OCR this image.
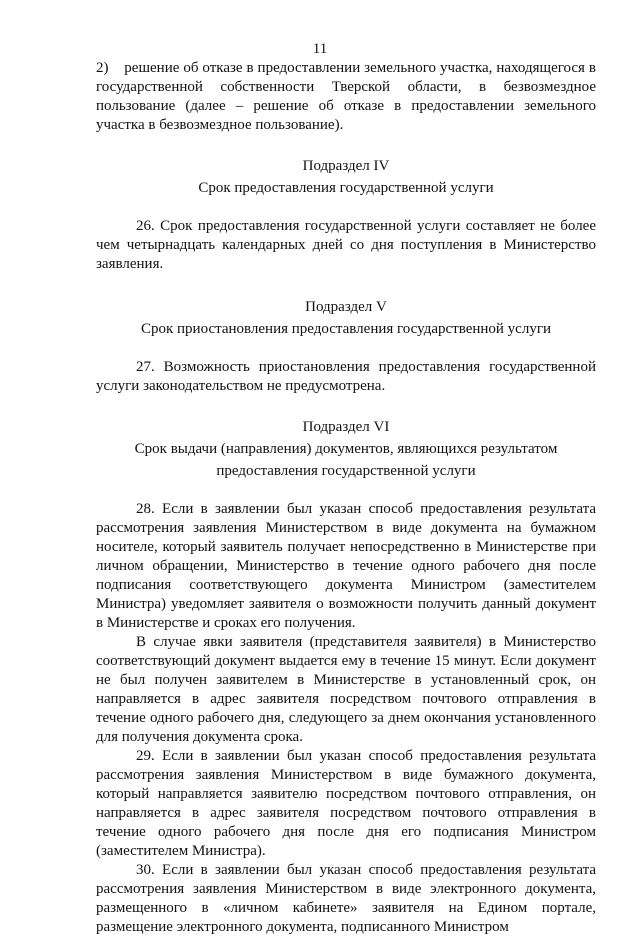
11

2)    решение об отказе в предоставлении земельного участка, находящегося в государственной собственности Тверской области, в безвозмездное пользование (далее – решение об отказе в предоставлении земельного участка в безвозмездное пользование).

Подраздел IV

Срок предоставления государственной услуги

26. Срок предоставления государственной услуги составляет не более чем четырнадцать календарных дней со дня поступления в Министерство заявления.

Подраздел V

Срок приостановления предоставления государственной услуги

27. Возможность приостановления предоставления государственной услуги законодательством не предусмотрена.

Подраздел VI

Срок выдачи (направления) документов, являющихся результатом

предоставления государственной услуги

28. Если в заявлении был указан способ предоставления результата рассмотрения заявления Министерством в виде документа на бумажном носителе, который заявитель получает непосредственно в Министерстве при личном обращении, Министерство в течение одного рабочего дня после подписания соответствующего документа Министром (заместителем Министра) уведомляет заявителя о возможности получить данный документ в Министерстве и сроках его получения.

В случае явки заявителя (представителя заявителя) в Министерство соответствующий документ выдается ему в течение 15 минут. Если документ не был получен заявителем в Министерстве в установленный срок, он направляется в адрес заявителя посредством почтового отправления в течение одного рабочего дня, следующего за днем окончания установленного для получения документа срока.

29. Если в заявлении был указан способ предоставления результата рассмотрения заявления Министерством в виде бумажного документа, который направляется заявителю посредством почтового отправления, он направляется в адрес заявителя посредством почтового отправления в течение одного рабочего дня после дня его подписания Министром (заместителем Министра).

30. Если в заявлении был указан способ предоставления результата рассмотрения заявления Министерством в виде электронного документа, размещенного в «личном кабинете» заявителя на Едином портале, размещение электронного документа, подписанного Министром
